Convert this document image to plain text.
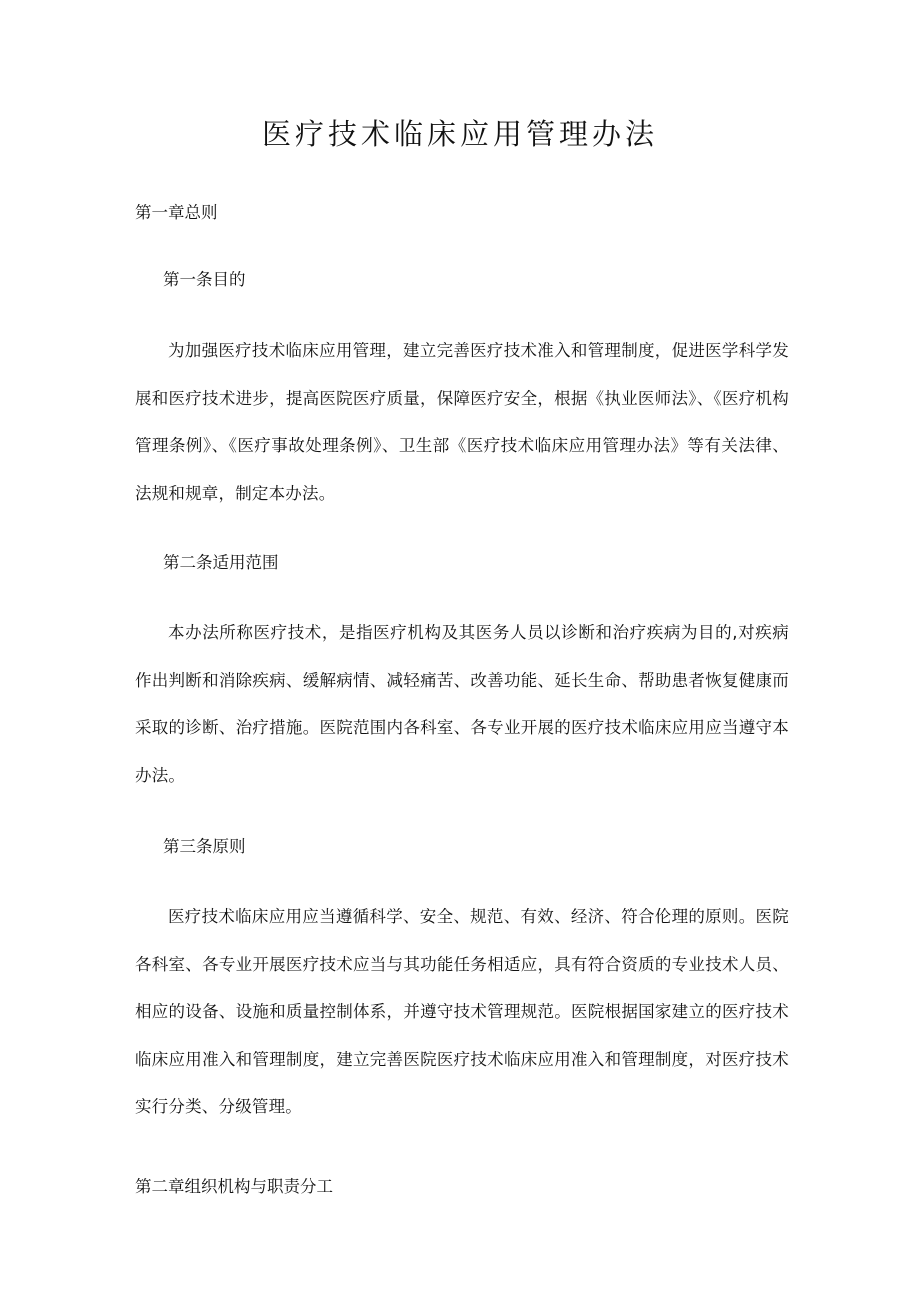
医疗技术临床应用管理办法

第一章总则

第一条目的

为加强医疗技术临床应用管理，建立完善医疗技术准入和管理制度，促进医学科学发展和医疗技术进步，提高医院医疗质量，保障医疗安全，根据《执业医师法》、《医疗机构管理条例》、《医疗事故处理条例》、卫生部《医疗技术临床应用管理办法》等有关法律、法规和规章，制定本办法。

第二条适用范围

本办法所称医疗技术，是指医疗机构及其医务人员以诊断和治疗疾病为目的,对疾病作出判断和消除疾病、缓解病情、减轻痛苦、改善功能、延长生命、帮助患者恢复健康而采取的诊断、治疗措施。医院范围内各科室、各专业开展的医疗技术临床应用应当遵守本办法。

第三条原则

医疗技术临床应用应当遵循科学、安全、规范、有效、经济、符合伦理的原则。医院各科室、各专业开展医疗技术应当与其功能任务相适应，具有符合资质的专业技术人员、相应的设备、设施和质量控制体系，并遵守技术管理规范。医院根据国家建立的医疗技术临床应用准入和管理制度，建立完善医院医疗技术临床应用准入和管理制度，对医疗技术实行分类、分级管理。

第二章组织机构与职责分工
